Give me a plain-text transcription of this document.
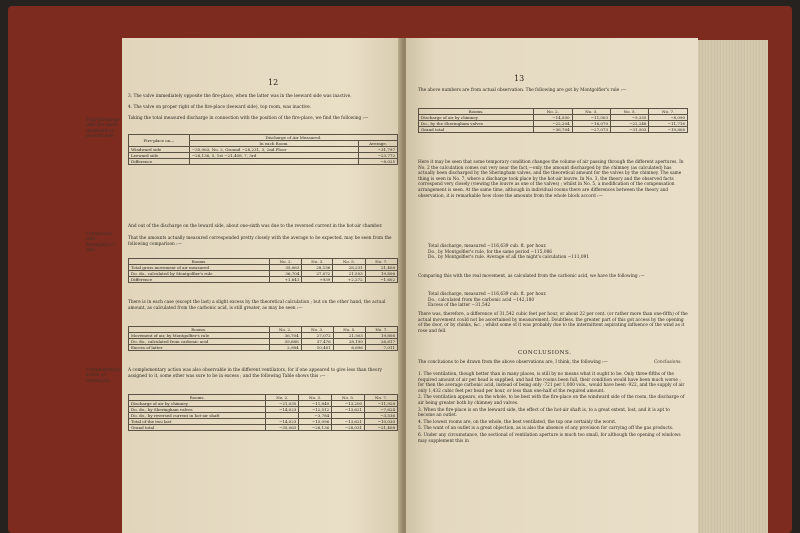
12

3. The valve immediately opposite the fire-place, when the latter was in the leeward side was inactive.

4. The valve on proper right of the fire-place (leeward side), top room, was inactive.

Taking the total measured discharge in connection with the position of the fire-place, we find the following :—

Fire-place on—	Discharge of Air Measured.	
	In each Room.	Average.
Windward side	−35,063, No. 2, Ground −28,231, 3, 2nd Floor	−31,797
Leeward side	−26,136, 5, 1st −21,408, 7, 3rd	−23,772
Difference		−8,025

And out of the discharge on the leward side, about one-sixth was due to the reversed current in the hot-air chamber.

That the amounts actually measured corresponded pretty closely with the average to be expected, may be seen from the following comparison :—

Rooms.	No. 2.	No. 3.	No. 5.	No. 7.
Total gross movement of air measured	35,063	28,136	28,231	21,408
Do. do., calculated by Montgolfier's rule	36,704	27,072	21,503	19,806
Difference	+1,641	+939	+2,272	−1,602

There is in each case (except the last) a slight excess by the theoretical calculation ; but on the other hand, the actual amount, as calculated from the carbonic acid, is still greater, as may be seen :—

Rooms.	No. 2.	No. 3.	No. 5.	No. 7.
Movement of air, by Montgolfier's rule	36,704	27,072	21,503	19,806
Do. do., calculated from carbonic acid	39,688	37,476	28,199	26,617
Excess of latter	2,984	10,401	6,696	7,011

A complementary action was also observable in the different ventilators, for if one appeared to give less than theory assigned to it, some other was sure to be in excess ; and the following Table shows this :—

Rooms.	No. 2.	No. 3.	No. 5.	No. 7.
Discharge of air by chimney	−21,035	−11,840	−13,200	−11,928
Do. do., by Sheringham valves	−14,023	−12,512	−13,621	−7,624
Do. do., by reversed current in hot-air shaft		−3,784		−3,536
Total of the two last	−14,023	−15,096	−13,621	−10,030
Grand total	−35,063	−26,136	−28,031	−21,408
Total discharge with fire-place windward or leeward side.
Comparison with Montgolfier's rule.
Complementary action of ventilators.
13

The above numbers are from actual observation. The following are got by Montgolfier's rule :—

Rooms.	No. 2.	No. 3.	No. 5.	No. 7.
Discharge of air by chimney	−14,500	−11,003	−9,255	−8,090
Do., by the Sheringham valves	−22,204	−16,070	−22,248	−11,716
Grand total	−36,704	−27,073	−31,503	−19,806

Here it may be seen that some temporary condition changes the volume of air passing through the different apertures. In No. 2 the calculation comes out very near the fact,—only, the amount discharged by the chimney (as calculated) has actually been discharged by the Sheringham valves, and the theoretical amount for the valves by the chimney. The same thing is seen in No. 7, where a discharge took place by the hot-air louvre. In No. 3, the theory and the observed facts correspond very closely (viewing the louvre as one of the valves) ; whilst in No. 5, a modification of the compensation arrangement is seen. At the same time, although in individual rooms there are differences between the theory and observation, it is remarkable how close the amounts from the whole block accord :—

Total discharge, measured −116,639 cub. ft. per hour.
Do., by Montgolfier's rule, for the same period −115,086
Do., by Montgolfier's rule. Average of all the night's calculation −111,091

Comparing this with the real movement, as calculated from the carbonic acid, we have the following :—

Total discharge, measured −116,639 cub. ft. per hour.
Do., calculated from the carbonic acid −142,180
Excess of the latter −31,542

There was, therefore, a difference of 31,542 cubic feet per hour, or about 22 per cent. (or rather more than one-fifth) of the actual movement could not be ascertained by measurement. Doubtless, the greater part of this got access by the opening of the door, or by chinks, &c. ; whilst some of it was probably due to the intermittent aspirating influence of the wind as it rose and fell.

CONCLUSIONS.

The conclusions to be drawn from the above observations are, I think, the following :—	Conclusions.

1. The ventilation, though better than in many places, is still by no means what it ought to be. Only three-fifths of the required amount of air per head is supplied, and had the rooms been full, their condition would have been much worse ; for then the average carbonic acid, instead of being only ·721 per 1,000 vols., would have been ·922, and the supply of air only 1,432 cubic feet per head per hour, or less than one-half of the required amount.

2. The ventilation appears, on the whole, to be best with the fire-place on the windward side of the room, the discharge of air being greater both by chimney and valves.

3. When the fire-place is on the leeward side, the effect of the hot-air shaft is, to a great extent, lost, and it is apt to become an outlet.

4. The lowest rooms are, on the whole, the best ventilated, the top one certainly the worst.

5. The want of an outlet is a great objection, as is also the absence of any provision for carrying off the gas products.

6. Under any circumstance, the sectional of ventilation aperture is much too small, for although the opening of windows may supplement this in
